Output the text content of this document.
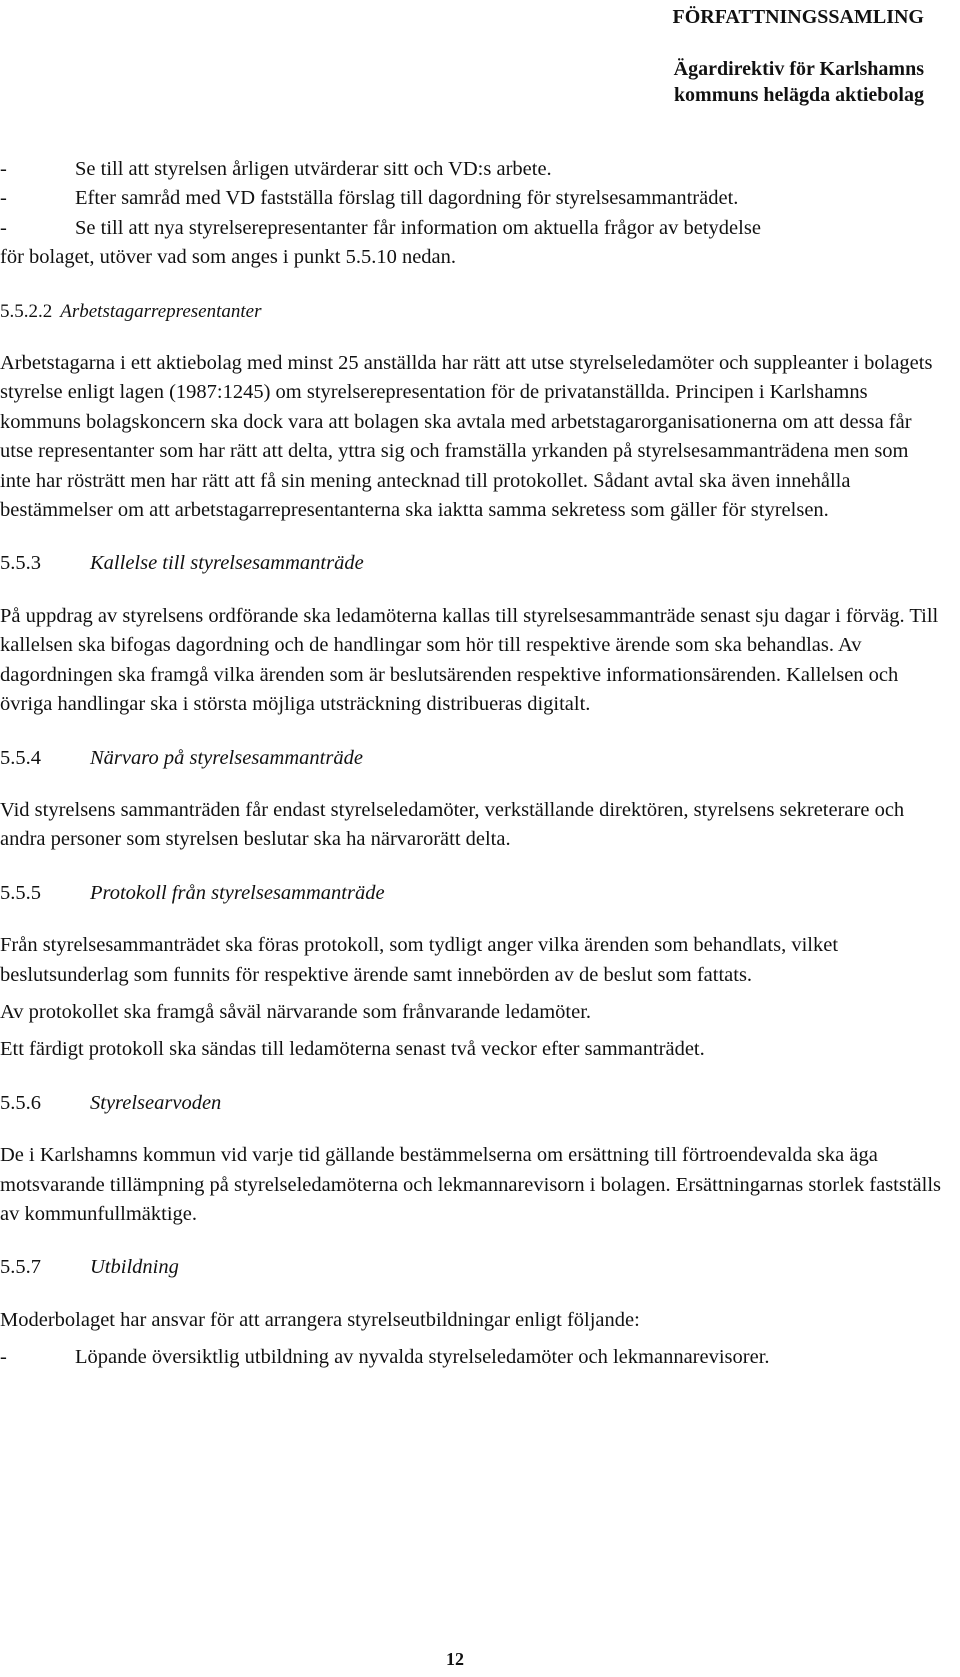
FÖRFATTNINGSSAMLING
Ägardirektiv för Karlshamns
kommuns helägda aktiebolag

-	Se till att styrelsen årligen utvärderar sitt och VD:s arbete.

-	Efter samråd med VD fastställa förslag till dagordning för styrelsesammanträdet.

-	Se till att nya styrelserepresentanter får information om aktuella frågor av betydelse

för bolaget, utöver vad som anges i punkt 5.5.10 nedan.

5.5.2.2 Arbetstagarrepresentanter

Arbetstagarna i ett aktiebolag med minst 25 anställda har rätt att utse styrelseledamöter och suppleanter i bolagets styrelse enligt lagen (1987:1245) om styrelserepresentation för de privatanställda. Principen i Karlshamns kommuns bolagskoncern ska dock vara att bolagen ska avtala med arbetstagarorganisationerna om att dessa får utse representanter som har rätt att delta, yttra sig och framställa yrkanden på styrelsesammanträdena men som inte har rösträtt men har rätt att få sin mening antecknad till protokollet. Sådant avtal ska även innehålla bestämmelser om att arbetstagarrepresentanterna ska iaktta samma sekretess som gäller för styrelsen.

5.5.3	Kallelse till styrelsesammanträde

På uppdrag av styrelsens ordförande ska ledamöterna kallas till styrelsesammanträde senast sju dagar i förväg. Till kallelsen ska bifogas dagordning och de handlingar som hör till respektive ärende som ska behandlas. Av dagordningen ska framgå vilka ärenden som är beslutsärenden respektive informationsärenden. Kallelsen och övriga handlingar ska i största möjliga utsträckning distribueras digitalt.

5.5.4	Närvaro på styrelsesammanträde

Vid styrelsens sammanträden får endast styrelseledamöter, verkställande direktören, styrelsens sekreterare och andra personer som styrelsen beslutar ska ha närvarorätt delta.

5.5.5	Protokoll från styrelsesammanträde

Från styrelsesammanträdet ska föras protokoll, som tydligt anger vilka ärenden som behandlats, vilket beslutsunderlag som funnits för respektive ärende samt innebörden av de beslut som fattats.

Av protokollet ska framgå såväl närvarande som frånvarande ledamöter.

Ett färdigt protokoll ska sändas till ledamöterna senast två veckor efter sammanträdet.

5.5.6	Styrelsearvoden

De i Karlshamns kommun vid varje tid gällande bestämmelserna om ersättning till förtroendevalda ska äga motsvarande tillämpning på styrelseledamöterna och lekmannarevisorn i bolagen. Ersättningarnas storlek fastställs av kommunfullmäktige.

5.5.7	Utbildning

Moderbolaget har ansvar för att arrangera styrelseutbildningar enligt följande:

-	Löpande översiktlig utbildning av nyvalda styrelseledamöter och lekmannarevisorer.

12
